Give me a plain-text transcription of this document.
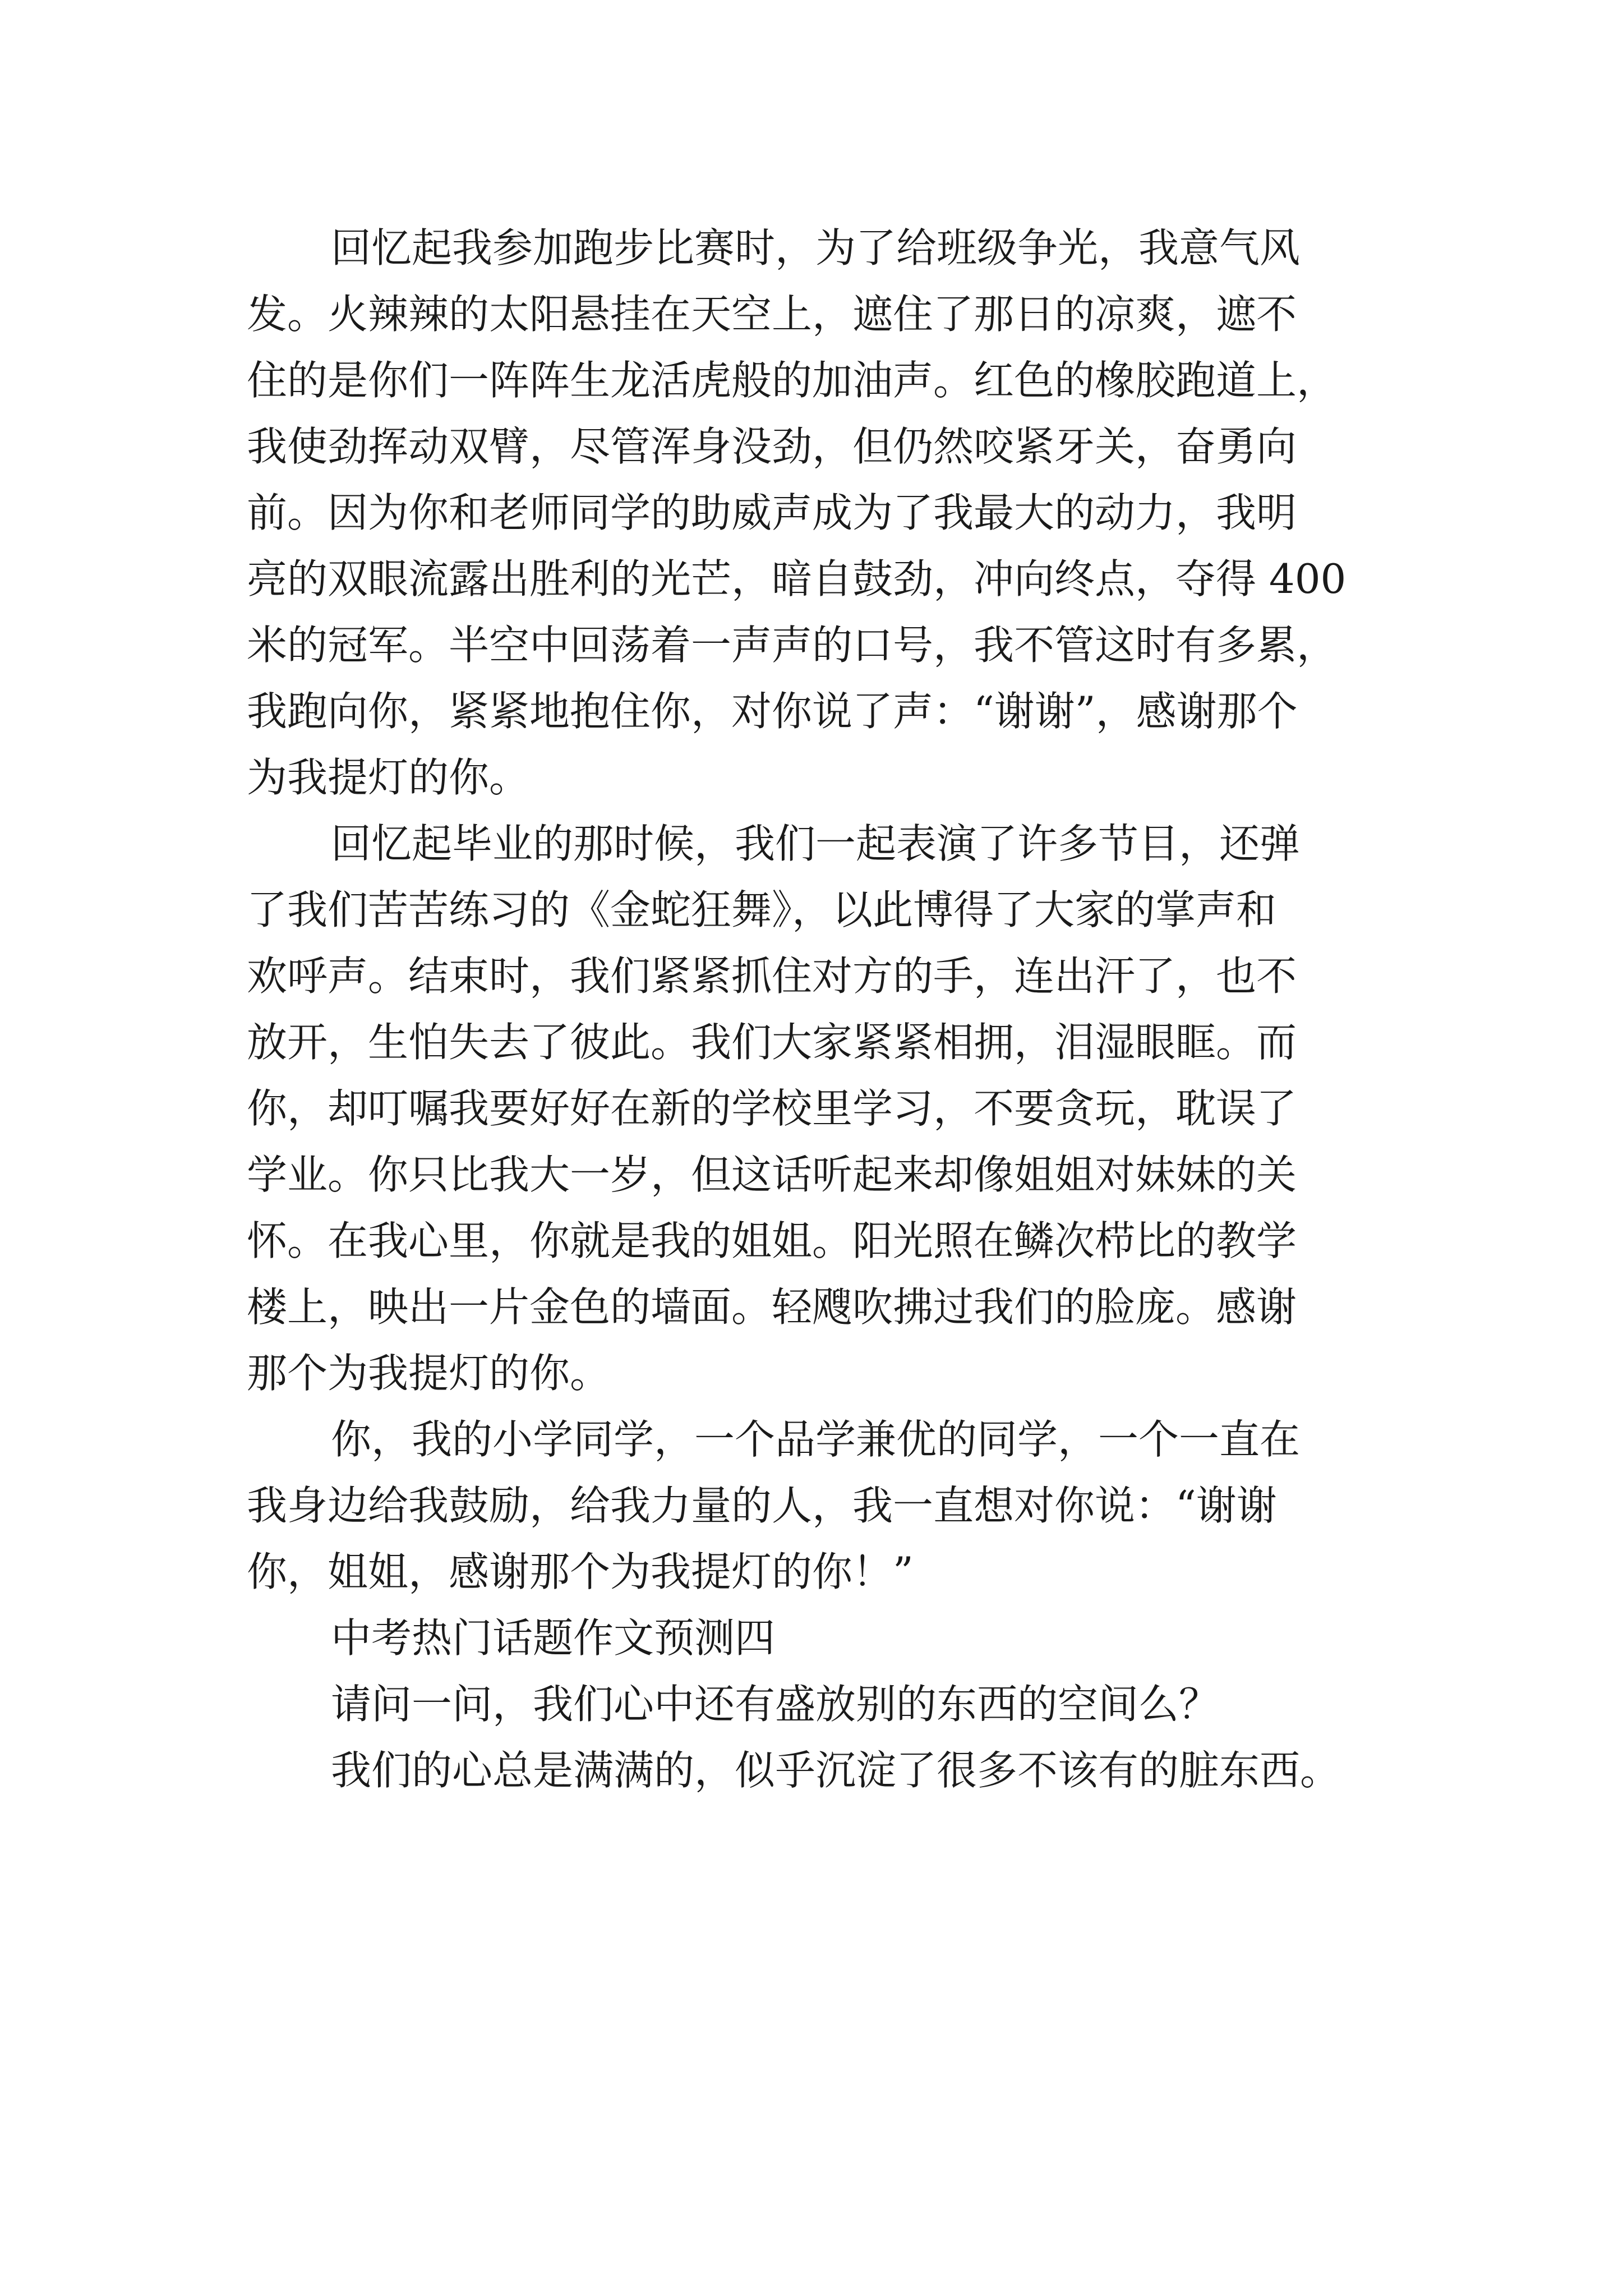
回忆起我参加跑步比赛时，为了给班级争光，我意气风
发。火辣辣的太阳悬挂在天空上，遮住了那日的凉爽，遮不
住的是你们一阵阵生龙活虎般的加油声。红色的橡胶跑道上，
我使劲挥动双臂，尽管浑身没劲，但仍然咬紧牙关，奋勇向
前。因为你和老师同学的助威声成为了我最大的动力，我明
亮的双眼流露出胜利的光芒，暗自鼓劲，冲向终点，夺得 400
米的冠军。半空中回荡着一声声的口号，我不管这时有多累，
我跑向你，紧紧地抱住你，对你说了声：“谢谢”，感谢那个
为我提灯的你。
回忆起毕业的那时候，我们一起表演了许多节目，还弹
了我们苦苦练习的《金蛇狂舞》，以此博得了大家的掌声和
欢呼声。结束时，我们紧紧抓住对方的手，连出汗了，也不
放开，生怕失去了彼此。我们大家紧紧相拥，泪湿眼眶。而
你，却叮嘱我要好好在新的学校里学习，不要贪玩，耽误了
学业。你只比我大一岁，但这话听起来却像姐姐对妹妹的关
怀。在我心里，你就是我的姐姐。阳光照在鳞次栉比的教学
楼上，映出一片金色的墙面。轻飕吹拂过我们的脸庞。感谢
那个为我提灯的你。
你，我的小学同学，一个品学兼优的同学，一个一直在
我身边给我鼓励，给我力量的人，我一直想对你说：“谢谢
你，姐姐，感谢那个为我提灯的你！”
中考热门话题作文预测四
请问一问，我们心中还有盛放别的东西的空间么？
我们的心总是满满的，似乎沉淀了很多不该有的脏东西。
